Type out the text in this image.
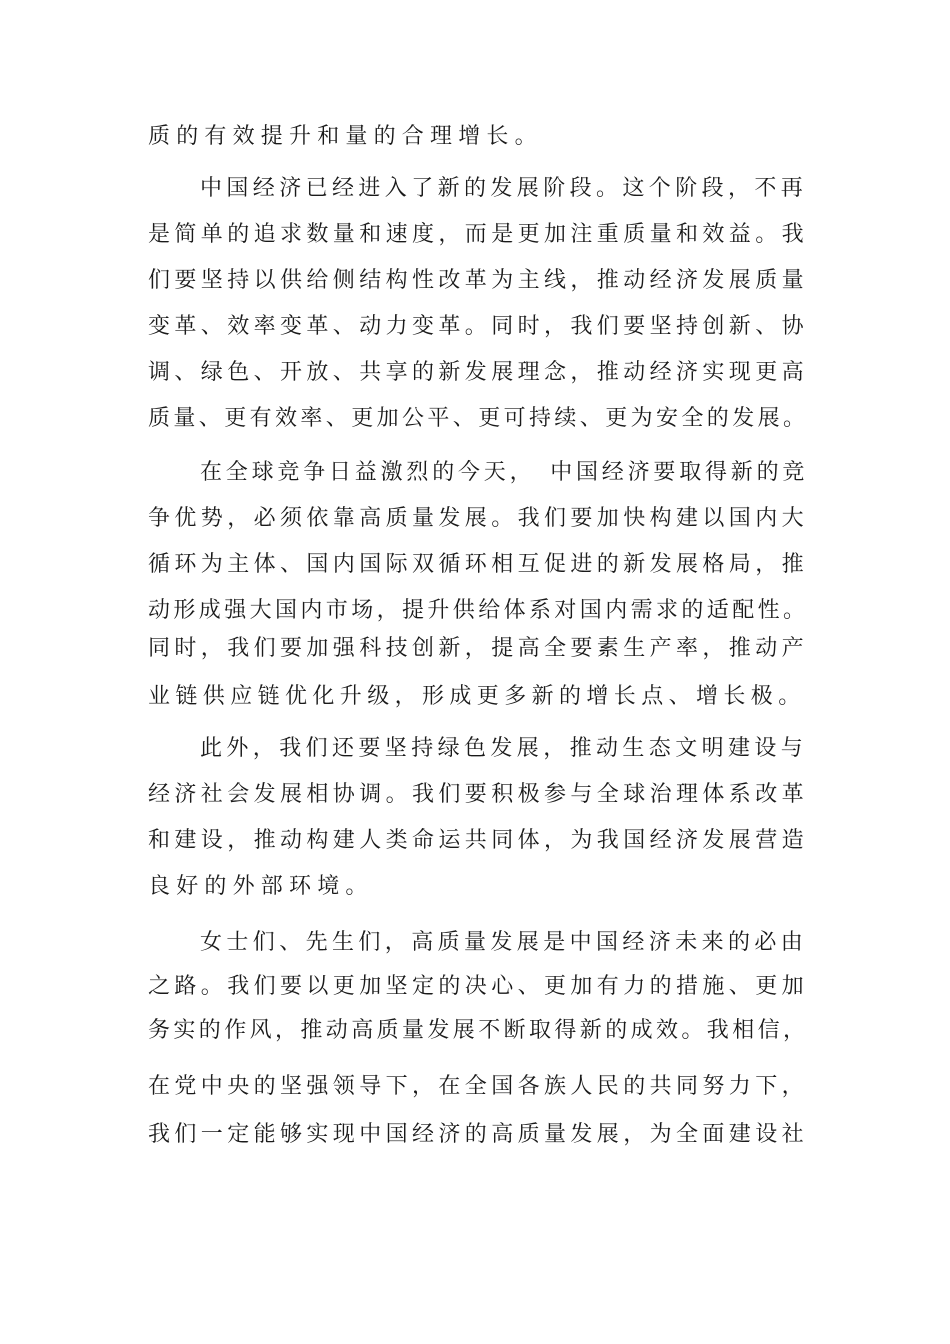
质的有效提升和量的合理增长。
中国经济已经进入了新的发展阶段。这个阶段，不再
是简单的追求数量和速度，而是更加注重质量和效益。我
们要坚持以供给侧结构性改革为主线，推动经济发展质量
变革、效率变革、动力变革。同时，我们要坚持创新、协
调、绿色、开放、共享的新发展理念，推动经济实现更高
质量、更有效率、更加公平、更可持续、更为安全的发展。
在全球竞争日益激烈的今天，　中国经济要取得新的竞
争优势，必须依靠高质量发展。我们要加快构建以国内大
循环为主体、国内国际双循环相互促进的新发展格局，推
动形成强大国内市场，提升供给体系对国内需求的适配性。
同时，我们要加强科技创新，提高全要素生产率，推动产
业链供应链优化升级，形成更多新的增长点、增长极。
此外，我们还要坚持绿色发展，推动生态文明建设与
经济社会发展相协调。我们要积极参与全球治理体系改革
和建设，推动构建人类命运共同体，为我国经济发展营造
良好的外部环境。
女士们、先生们，高质量发展是中国经济未来的必由
之路。我们要以更加坚定的决心、更加有力的措施、更加
务实的作风，推动高质量发展不断取得新的成效。我相信，
在党中央的坚强领导下，在全国各族人民的共同努力下，
我们一定能够实现中国经济的高质量发展，为全面建设社
